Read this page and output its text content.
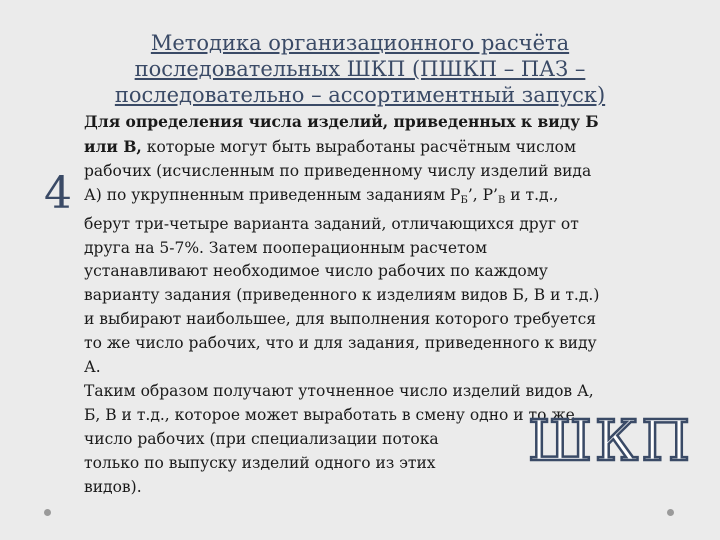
Методика организационного расчёта
последовательных ШКП (ПШКП – ПАЗ –
последовательно – ассортиментный запуск)
4
Для определения числа изделий, приведенных к виду Б
или В, которые могут быть выработаны расчётным числом
рабочих (исчисленным по приведенному числу изделий вида
А) по укрупненным приведенным заданиям $Р_Б$’, $Р’_В$ и т.д.,
берут три-четыре варианта заданий, отличающихся друг от
друга на 5-7%. Затем пооперационным расчетом
устанавливают необходимое число рабочих по каждому
варианту задания (приведенного к изделиям видов Б, В и т.д.)
и выбирают наибольшее, для выполнения которого требуется
то же число рабочих, что и для задания, приведенного к виду
А.
Таким образом получают уточненное число изделий видов А,
Б, В и т.д., которое может выработать в смену одно и то же
число рабочих (при специализации потока
только по выпуску изделий одного из этих
видов).
ШКП
